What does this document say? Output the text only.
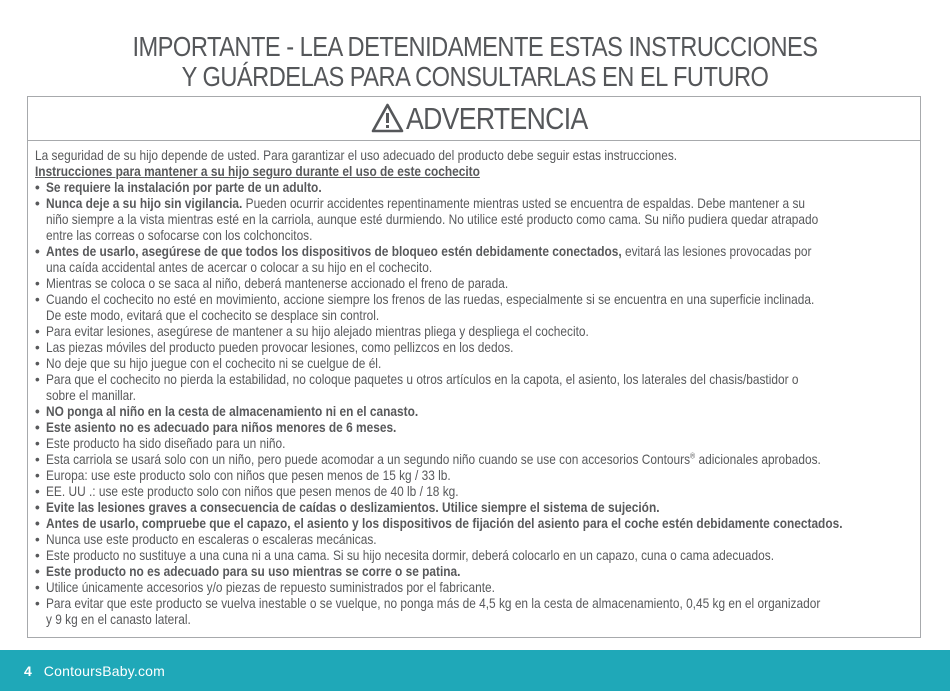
IMPORTANTE - LEA DETENIDAMENTE ESTAS INSTRUCCIONES
Y GUÁRDELAS PARA CONSULTARLAS EN EL FUTURO
ADVERTENCIA
La seguridad de su hijo depende de usted. Para garantizar el uso adecuado del producto debe seguir estas instrucciones.
Instrucciones para mantener a su hijo seguro durante el uso de este cochecito
• Se requiere la instalación por parte de un adulto.
• Nunca deje a su hijo sin vigilancia. Pueden ocurrir accidentes repentinamente mientras usted se encuentra de espaldas. Debe mantener a su
niño siempre a la vista mientras esté en la carriola, aunque esté durmiendo. No utilice esté producto como cama. Su niño pudiera quedar atrapado
entre las correas o sofocarse con los colchoncitos.
• Antes de usarlo, asegúrese de que todos los dispositivos de bloqueo estén debidamente conectados, evitará las lesiones provocadas por
una caída accidental antes de acercar o colocar a su hijo en el cochecito.
• Mientras se coloca o se saca al niño, deberá mantenerse accionado el freno de parada.
• Cuando el cochecito no esté en movimiento, accione siempre los frenos de las ruedas, especialmente si se encuentra en una superficie inclinada.
De este modo, evitará que el cochecito se desplace sin control.
• Para evitar lesiones, asegúrese de mantener a su hijo alejado mientras pliega y despliega el cochecito.
• Las piezas móviles del producto pueden provocar lesiones, como pellizcos en los dedos.
• No deje que su hijo juegue con el cochecito ni se cuelgue de él.
• Para que el cochecito no pierda la estabilidad, no coloque paquetes u otros artículos en la capota, el asiento, los laterales del chasis/bastidor o
sobre el manillar.
• NO ponga al niño en la cesta de almacenamiento ni en el canasto.
• Este asiento no es adecuado para niños menores de 6 meses.
• Este producto ha sido diseñado para un niño.
• Esta carriola se usará solo con un niño, pero puede acomodar a un segundo niño cuando se use con accesorios Contours® adicionales aprobados.
• Europa: use este producto solo con niños que pesen menos de 15 kg / 33 lb.
• EE. UU .: use este producto solo con niños que pesen menos de 40 lb / 18 kg.
• Evite las lesiones graves a consecuencia de caídas o deslizamientos. Utilice siempre el sistema de sujeción.
• Antes de usarlo, compruebe que el capazo, el asiento y los dispositivos de fijación del asiento para el coche estén debidamente conectados.
• Nunca use este producto en escaleras o escaleras mecánicas.
• Este producto no sustituye a una cuna ni a una cama. Si su hijo necesita dormir, deberá colocarlo en un capazo, cuna o cama adecuados.
• Este producto no es adecuado para su uso mientras se corre o se patina.
• Utilice únicamente accesorios y/o piezas de repuesto suministrados por el fabricante.
• Para evitar que este producto se vuelva inestable o se vuelque, no ponga más de 4,5 kg en la cesta de almacenamiento, 0,45 kg en el organizador
y 9 kg en el canasto lateral.
4 ContoursBaby.com
